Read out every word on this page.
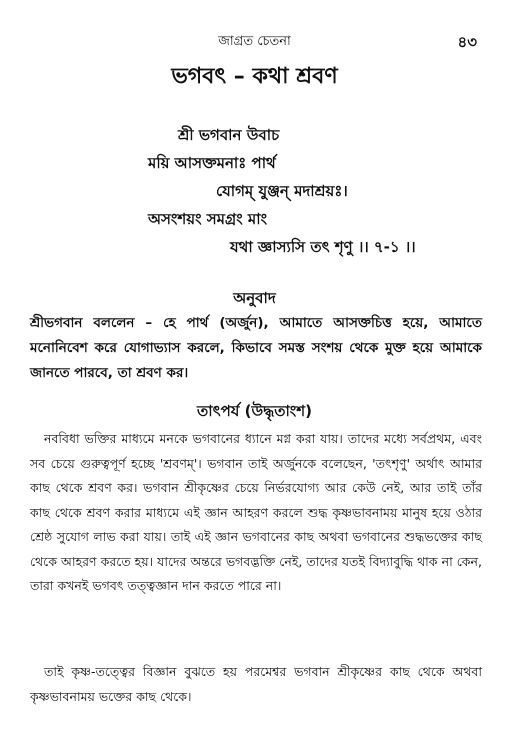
জাগ্রত চেতনা	৪৩
ভগবৎ – কথা শ্রবণ
শ্রী ভগবান উবাচ
ময়ি আসক্তমনাঃ পার্থ
যোগম্ যুঞ্জন্ মদাশ্রয়ঃ।
অসংশয়ং সমগ্রং মাং
যথা জ্ঞাস্যসি তৎ শৃণু ।। ৭-১ ।।
অনুবাদ

শ্রীভগবান বললেন – হে পার্থ (অর্জুন), আমাতে আসক্তচিত্ত হয়ে, আমাতে মনোনিবেশ করে যোগাভ্যাস করলে, কিভাবে সমস্ত সংশয় থেকে মুক্ত হয়ে আমাকে জানতে পারবে, তা শ্রবণ কর।

তাৎপর্য (উদ্ধৃতাংশ)

নববিধা ভক্তির মাধ্যমে মনকে ভগবানের ধ্যানে মগ্ন করা যায়। তাদের মধ্যে সর্বপ্রথম, এবং সব চেয়ে গুরুত্বপূর্ণ হচ্ছে 'শ্রবণম্'। ভগবান তাই অর্জুনকে বলেছেন, 'তৎশৃণু' অর্থাৎ আমার কাছ থেকে শ্রবণ কর। ভগবান শ্রীকৃষ্ণের চেয়ে নির্ভরযোগ্য আর কেউ নেই, আর তাই তাঁর কাছ থেকে শ্রবণ করার মাধ্যমে এই জ্ঞান আহরণ করলে শুদ্ধ কৃষ্ণভাবনাময় মানুষ হয়ে ওঠার শ্রেষ্ঠ সুযোগ লাভ করা যায়। তাই এই জ্ঞান ভগবানের কাছ অথবা ভগবানের শুদ্ধভক্তের কাছ থেকে আহরণ করতে হয়। যাদের অন্তরে ভগবদ্ভক্তি নেই, তাদের যতই বিদ্যাবুদ্ধি থাক না কেন, তারা কখনই ভগবৎ তত্ত্বজ্ঞান দান করতে পারে না।

তাই কৃষ্ণ-তত্ত্বের বিজ্ঞান বুঝতে হয় পরমেশ্বর ভগবান শ্রীকৃষ্ণের কাছ থেকে অথবা কৃষ্ণভাবনাময় ভক্তের কাছ থেকে।
